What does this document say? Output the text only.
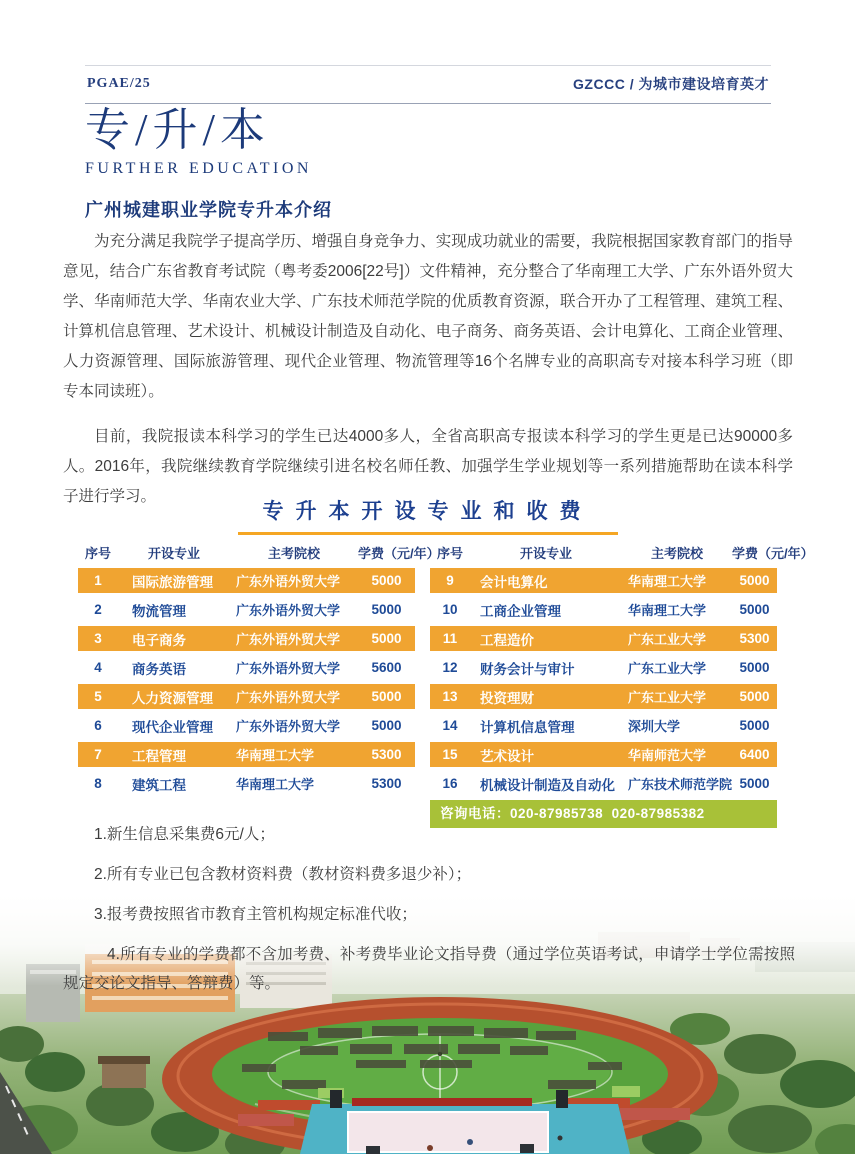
PGAE/25	GZCCC / 为城市建设培育英才
专/升/本
FURTHER EDUCATION
广州城建职业学院专升本介绍

为充分满足我院学子提高学历、增强自身竞争力、实现成功就业的需要，我院根据国家教育部门的指导意见，结合广东省教育考试院（粤考委2006[22号]）文件精神，充分整合了华南理工大学、广东外语外贸大学、华南师范大学、华南农业大学、广东技术师范学院的优质教育资源，联合开办了工程管理、建筑工程、计算机信息管理、艺术设计、机械设计制造及自动化、电子商务、商务英语、会计电算化、工商企业管理、人力资源管理、国际旅游管理、现代企业管理、物流管理等16个名牌专业的高职高专对接本科学习班（即专本同读班）。

目前，我院报读本科学习的学生已达4000多人，全省高职高专报读本科学习的学生更是已达90000多人。2016年，我院继续教育学院继续引进名校名师任教、加强学生学业规划等一系列措施帮助在读本科学子进行学习。

专升本开设专业和收费
序号	开设专业	主考院校	学费（元/年）
1	国际旅游管理	广东外语外贸大学	5000
2	物流管理	广东外语外贸大学	5000
3	电子商务	广东外语外贸大学	5000
4	商务英语	广东外语外贸大学	5600
5	人力资源管理	广东外语外贸大学	5000
6	现代企业管理	广东外语外贸大学	5000
7	工程管理	华南理工大学	5300
8	建筑工程	华南理工大学	5300
序号	开设专业	主考院校	学费（元/年）
9	会计电算化	华南理工大学	5000
10	工商企业管理	华南理工大学	5000
11	工程造价	广东工业大学	5300
12	财务会计与审计	广东工业大学	5000
13	投资理财	广东工业大学	5000
14	计算机信息管理	深圳大学	5000
15	艺术设计	华南师范大学	6400
16	机械设计制造及自动化	广东技术师范学院 5000
咨询电话：020-87985738  020-87985382

1.新生信息采集费6元/人；

2.所有专业已包含教材资料费（教材资料费多退少补）；

3.报考费按照省市教育主管机构规定标准代收；

4.所有专业的学费都不含加考费、补考费毕业论文指导费（通过学位英语考试，申请学士学位需按照规定交论文指导、答辩费）等。
